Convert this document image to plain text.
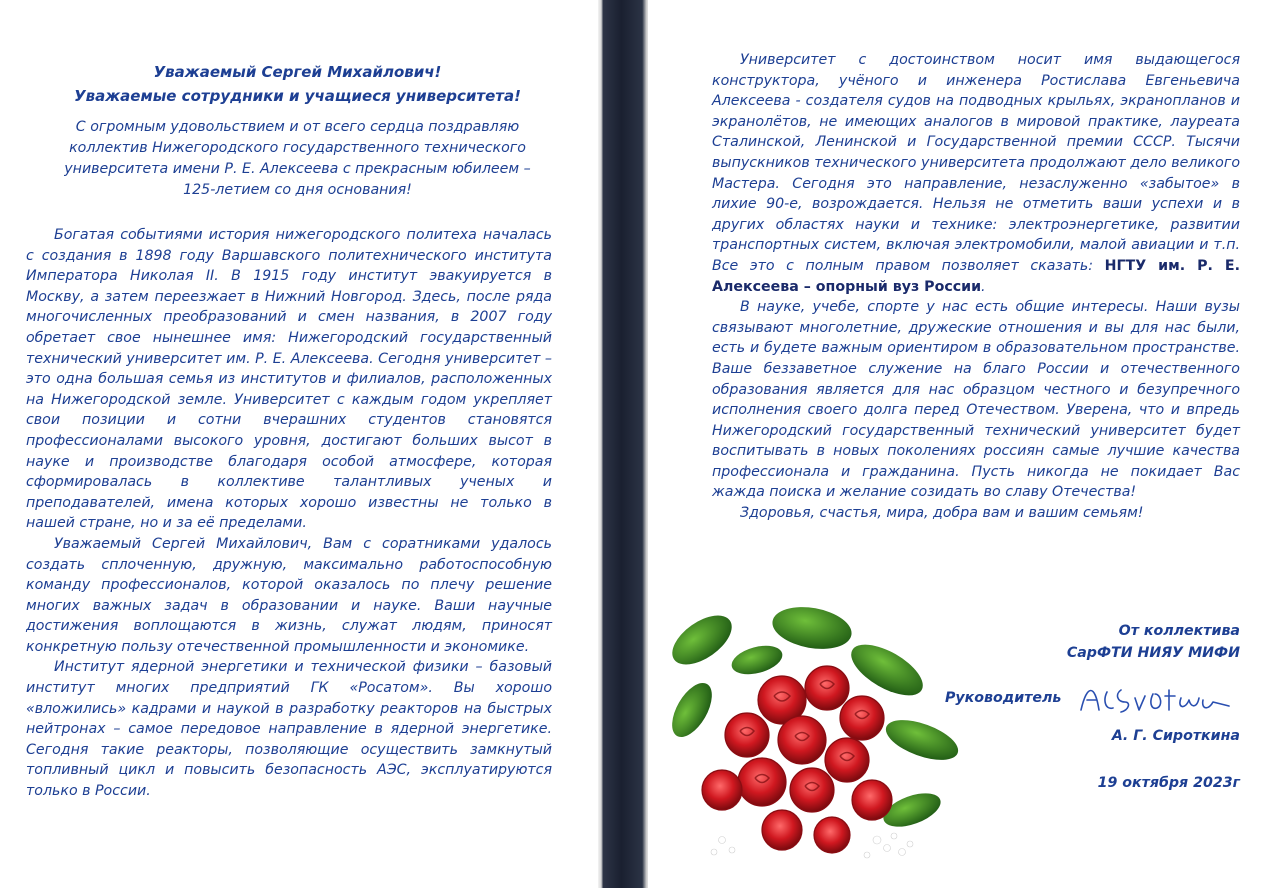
Уважаемый Сергей Михайлович!
Уважаемые сотрудники и учащиеся университета!
С огромным удовольствием и от всего сердца поздравляю
коллектив Нижегородского государственного технического
университета имени Р. Е. Алексеева с прекрасным юбилеем –
125-летием со дня основания!

Богатая событиями история нижегородского политеха началась с создания в 1898 году Варшавского политехнического института Императора Николая II. В 1915 году институт эвакуируется в Москву, а затем переезжает в Нижний Новгород. Здесь, после ряда многочисленных преобразований и смен названия, в 2007 году обретает свое нынешнее имя: Нижегородский государственный технический университет им. Р. Е. Алексеева. Сегодня университет – это одна большая семья из институтов и филиалов, расположенных на Нижегородской земле. Университет с каждым годом укрепляет свои позиции и сотни вчерашних студентов становятся профессионалами высокого уровня, достигают больших высот в науке и производстве благодаря особой атмосфере, которая сформировалась в коллективе талантливых ученых и преподавателей, имена которых хорошо известны не только в нашей стране, но и за её пределами.

Уважаемый Сергей Михайлович, Вам с соратниками удалось создать сплоченную, дружную, максимально работоспособную команду профессионалов, которой оказалось по плечу решение многих важных задач в образовании и науке. Ваши научные достижения воплощаются в жизнь, служат людям, приносят конкретную пользу отечественной промышленности и экономике.

Институт ядерной энергетики и технической физики – базовый институт многих предприятий ГК «Росатом». Вы хорошо «вложились» кадрами и наукой в разработку реакторов на быстрых нейтронах – самое передовое направление в ядерной энергетике. Сегодня такие реакторы, позволяющие осуществить замкнутый топливный цикл и повысить безопасность АЭС, эксплуатируются только в России.

Университет с достоинством носит имя выдающегося конструктора, учёного и инженера Ростислава Евгеньевича Алексеева - создателя судов на подводных крыльях, экранопланов и экранолётов, не имеющих аналогов в мировой практике, лауреата Сталинской, Ленинской и Государственной премии СССР. Тысячи выпускников технического университета продолжают дело великого Мастера. Сегодня это направление, незаслуженно «забытое» в лихие 90-е, возрождается. Нельзя не отметить ваши успехи и в других областях науки и технике: электроэнергетике, развитии транспортных систем, включая электромобили, малой авиации и т.п. Все это с полным правом позволяет сказать: НГТУ им. Р. Е. Алексеева – опорный вуз России.

В науке, учебе, спорте у нас есть общие интересы. Наши вузы связывают многолетние, дружеские отношения и вы для нас были, есть и будете важным ориентиром в образовательном пространстве. Ваше беззаветное служение на благо России и отечественного образования является для нас образцом честного и безупречного исполнения своего долга перед Отечеством. Уверена, что и впредь Нижегородский государственный технический университет будет воспитывать в новых поколениях россиян самые лучшие качества профессионала и гражданина. Пусть никогда не покидает Вас жажда поиска и желание созидать во славу Отечества!

Здоровья, счастья, мира, добра вам и вашим семьям!

От коллектива
СарФТИ НИЯУ МИФИ
Руководитель
А. Г. Сироткина
19 октября 2023г
